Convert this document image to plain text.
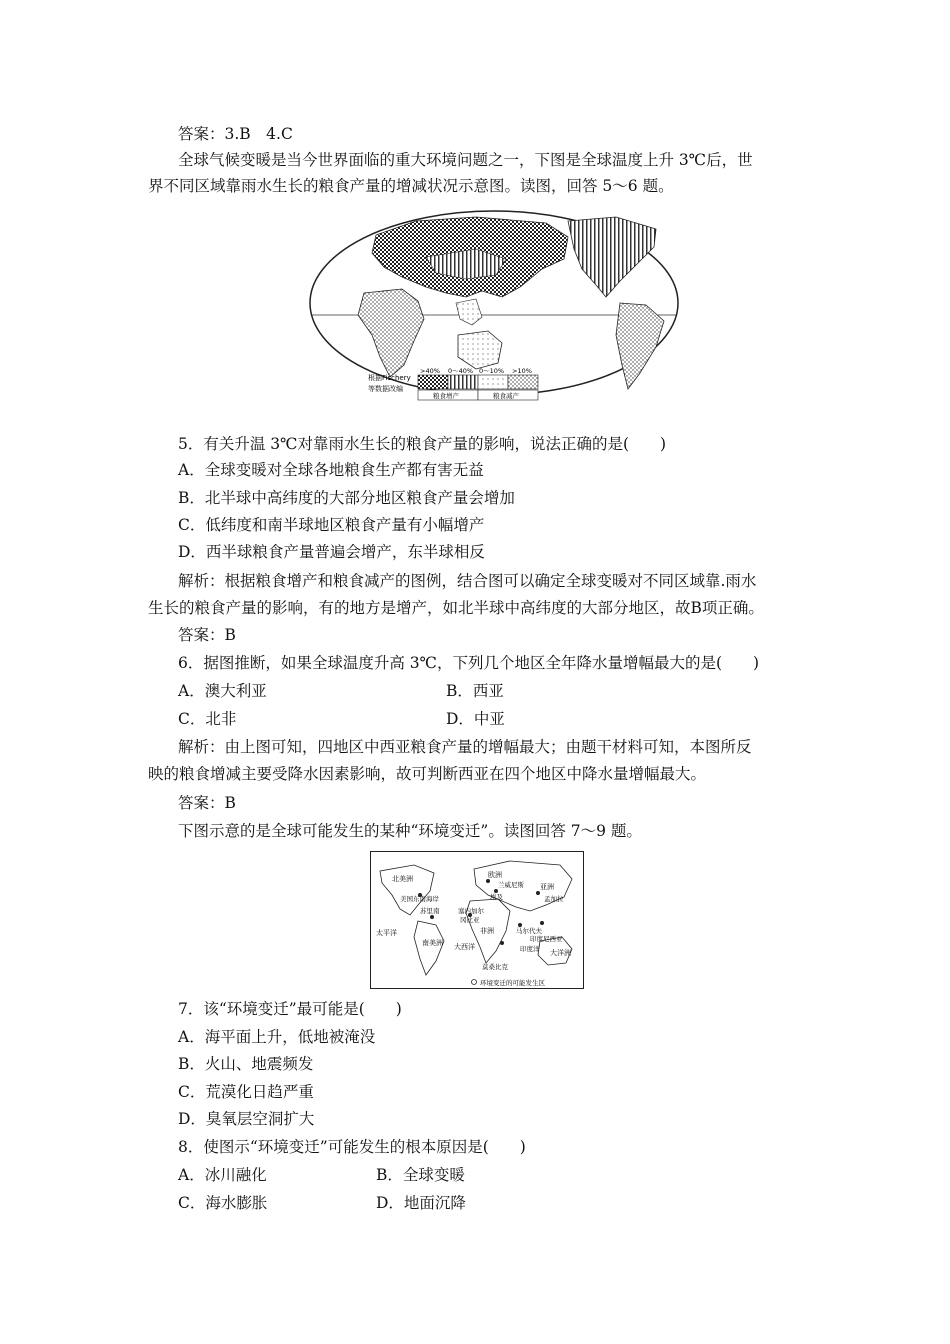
答案：3.B　4.C
全球气候变暖是当今世界面临的重大环境问题之一，下图是全球温度上升 3℃后，世
界不同区域靠雨水生长的粮食产量的增减状况示意图。读图，回答 5～6 题。
根据Fischery
等数据改编
>40% 0～40% 0～10% >10%
粮食增产	粮食减产
5．有关升温 3℃对靠雨水生长的粮食产量的影响，说法正确的是(　　)
A．全球变暖对全球各地粮食生产都有害无益
B．北半球中高纬度的大部分地区粮食产量会增加
C．低纬度和南半球地区粮食产量有小幅增产
D．西半球粮食产量普遍会增产，东半球相反
解析：根据粮食增产和粮食减产的图例，结合图可以确定全球变暖对不同区域靠.雨水
生长的粮食产量的影响，有的地方是增产，如北半球中高纬度的大部分地区，故B项正确。
答案：B
6．据图推断，如果全球温度升高 3℃，下列几个地区全年降水量增幅最大的是(　　)
A．澳大利亚	B．西亚
C．北非	D．中亚
解析：由上图可知，四地区中西亚粮食产量的增幅最大；由题干材料可知，本图所反
映的粮食增减主要受降水因素影响，故可判断西亚在四个地区中降水量增幅最大。
答案：B
下图示意的是全球可能发生的某种“环境变迁”。读图回答 7～9 题。
欧洲
亚洲
北美洲
兰威尼斯
美国东南海岸
苏里南	塞内加尔
冈比亚
埃及	孟加拉
马尔代夫
印度尼西亚
印度洋
太平洋
南美洲 大西洋
非洲
大洋洲
莫桑比克
环境变迁的可能发生区
7．该“环境变迁”最可能是(　　)
A．海平面上升，低地被淹没
B．火山、地震频发
C．荒漠化日趋严重
D．臭氧层空洞扩大
8．使图示“环境变迁”可能发生的根本原因是(　　)
A．冰川融化	B．全球变暖
C．海水膨胀	D．地面沉降
